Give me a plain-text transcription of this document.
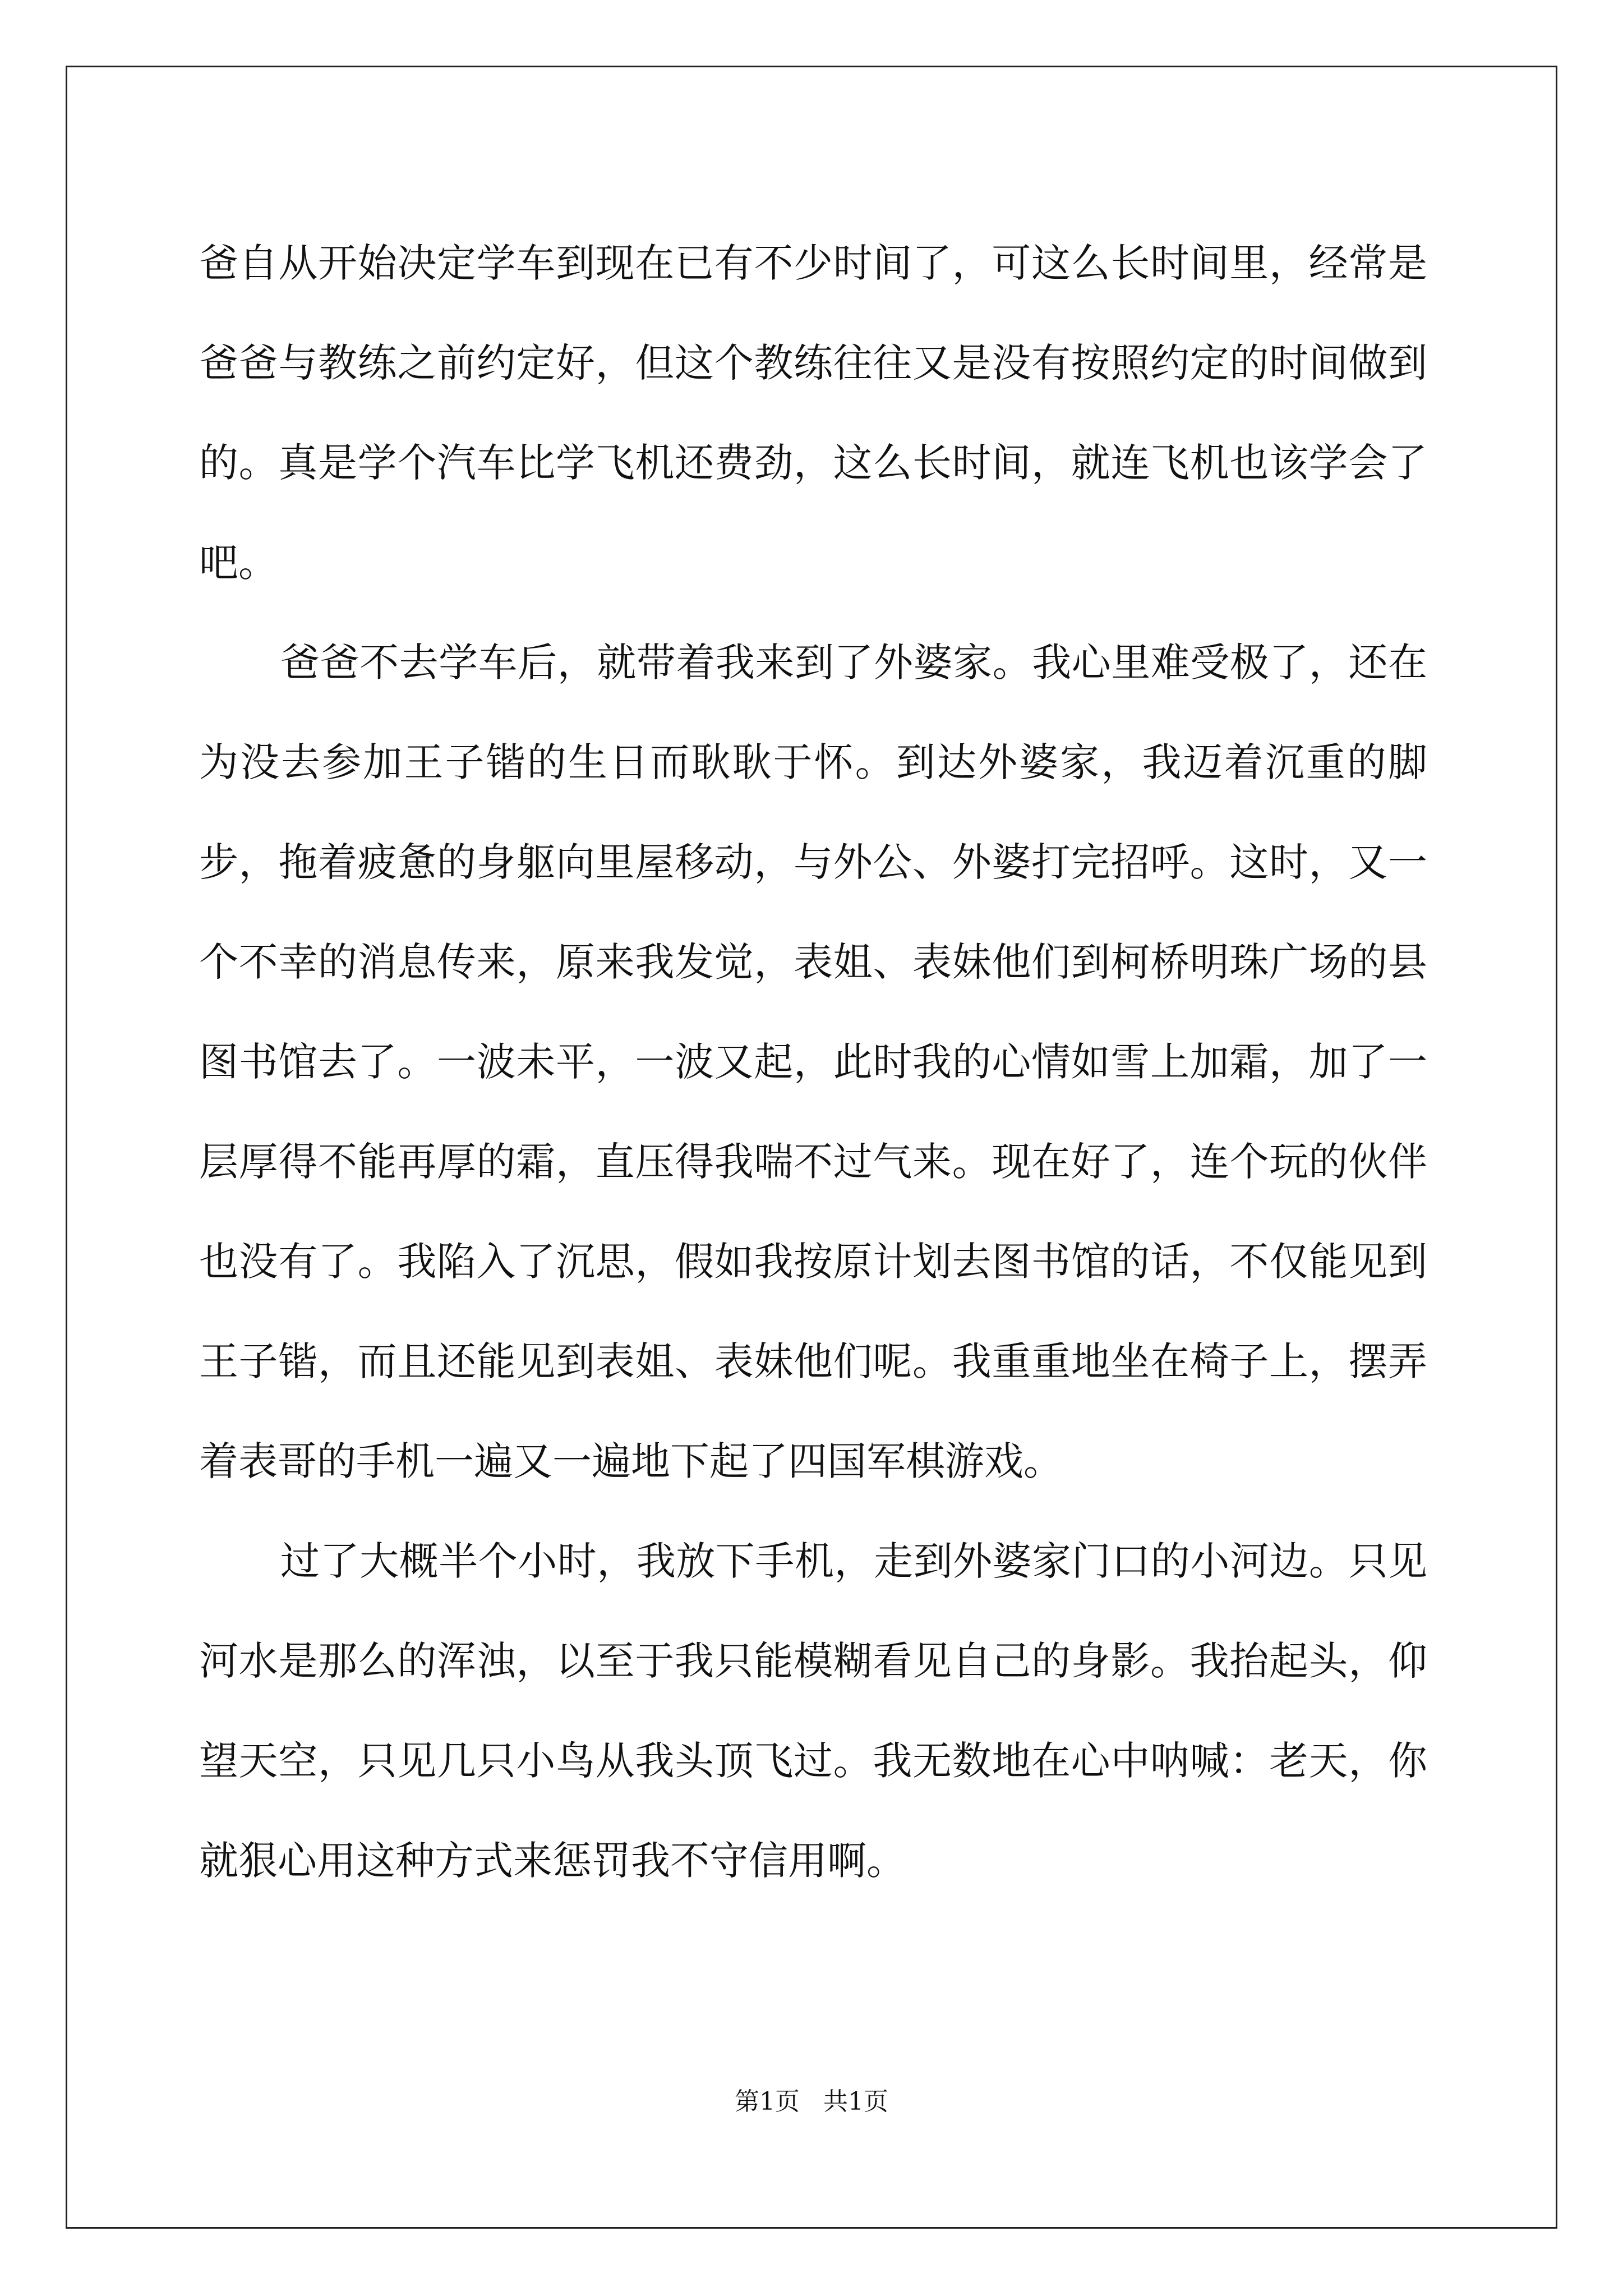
爸自从开始决定学车到现在已有不少时间了，可这么长时间里，经常是爸爸与教练之前约定好，但这个教练往往又是没有按照约定的时间做到的。真是学个汽车比学飞机还费劲，这么长时间，就连飞机也该学会了吧。

爸爸不去学车后，就带着我来到了外婆家。我心里难受极了，还在为没去参加王子锴的生日而耿耿于怀。到达外婆家，我迈着沉重的脚步，拖着疲惫的身躯向里屋移动，与外公、外婆打完招呼。这时，又一个不幸的消息传来，原来我发觉，表姐、表妹他们到柯桥明珠广场的县图书馆去了。一波未平，一波又起，此时我的心情如雪上加霜，加了一层厚得不能再厚的霜，直压得我喘不过气来。现在好了，连个玩的伙伴也没有了。我陷入了沉思，假如我按原计划去图书馆的话，不仅能见到王子锴，而且还能见到表姐、表妹他们呢。我重重地坐在椅子上，摆弄着表哥的手机一遍又一遍地下起了四国军棋游戏。

过了大概半个小时，我放下手机，走到外婆家门口的小河边。只见河水是那么的浑浊，以至于我只能模糊看见自己的身影。我抬起头，仰望天空，只见几只小鸟从我头顶飞过。我无数地在心中呐喊：老天，你就狠心用这种方式来惩罚我不守信用啊。

第1页 共1页
